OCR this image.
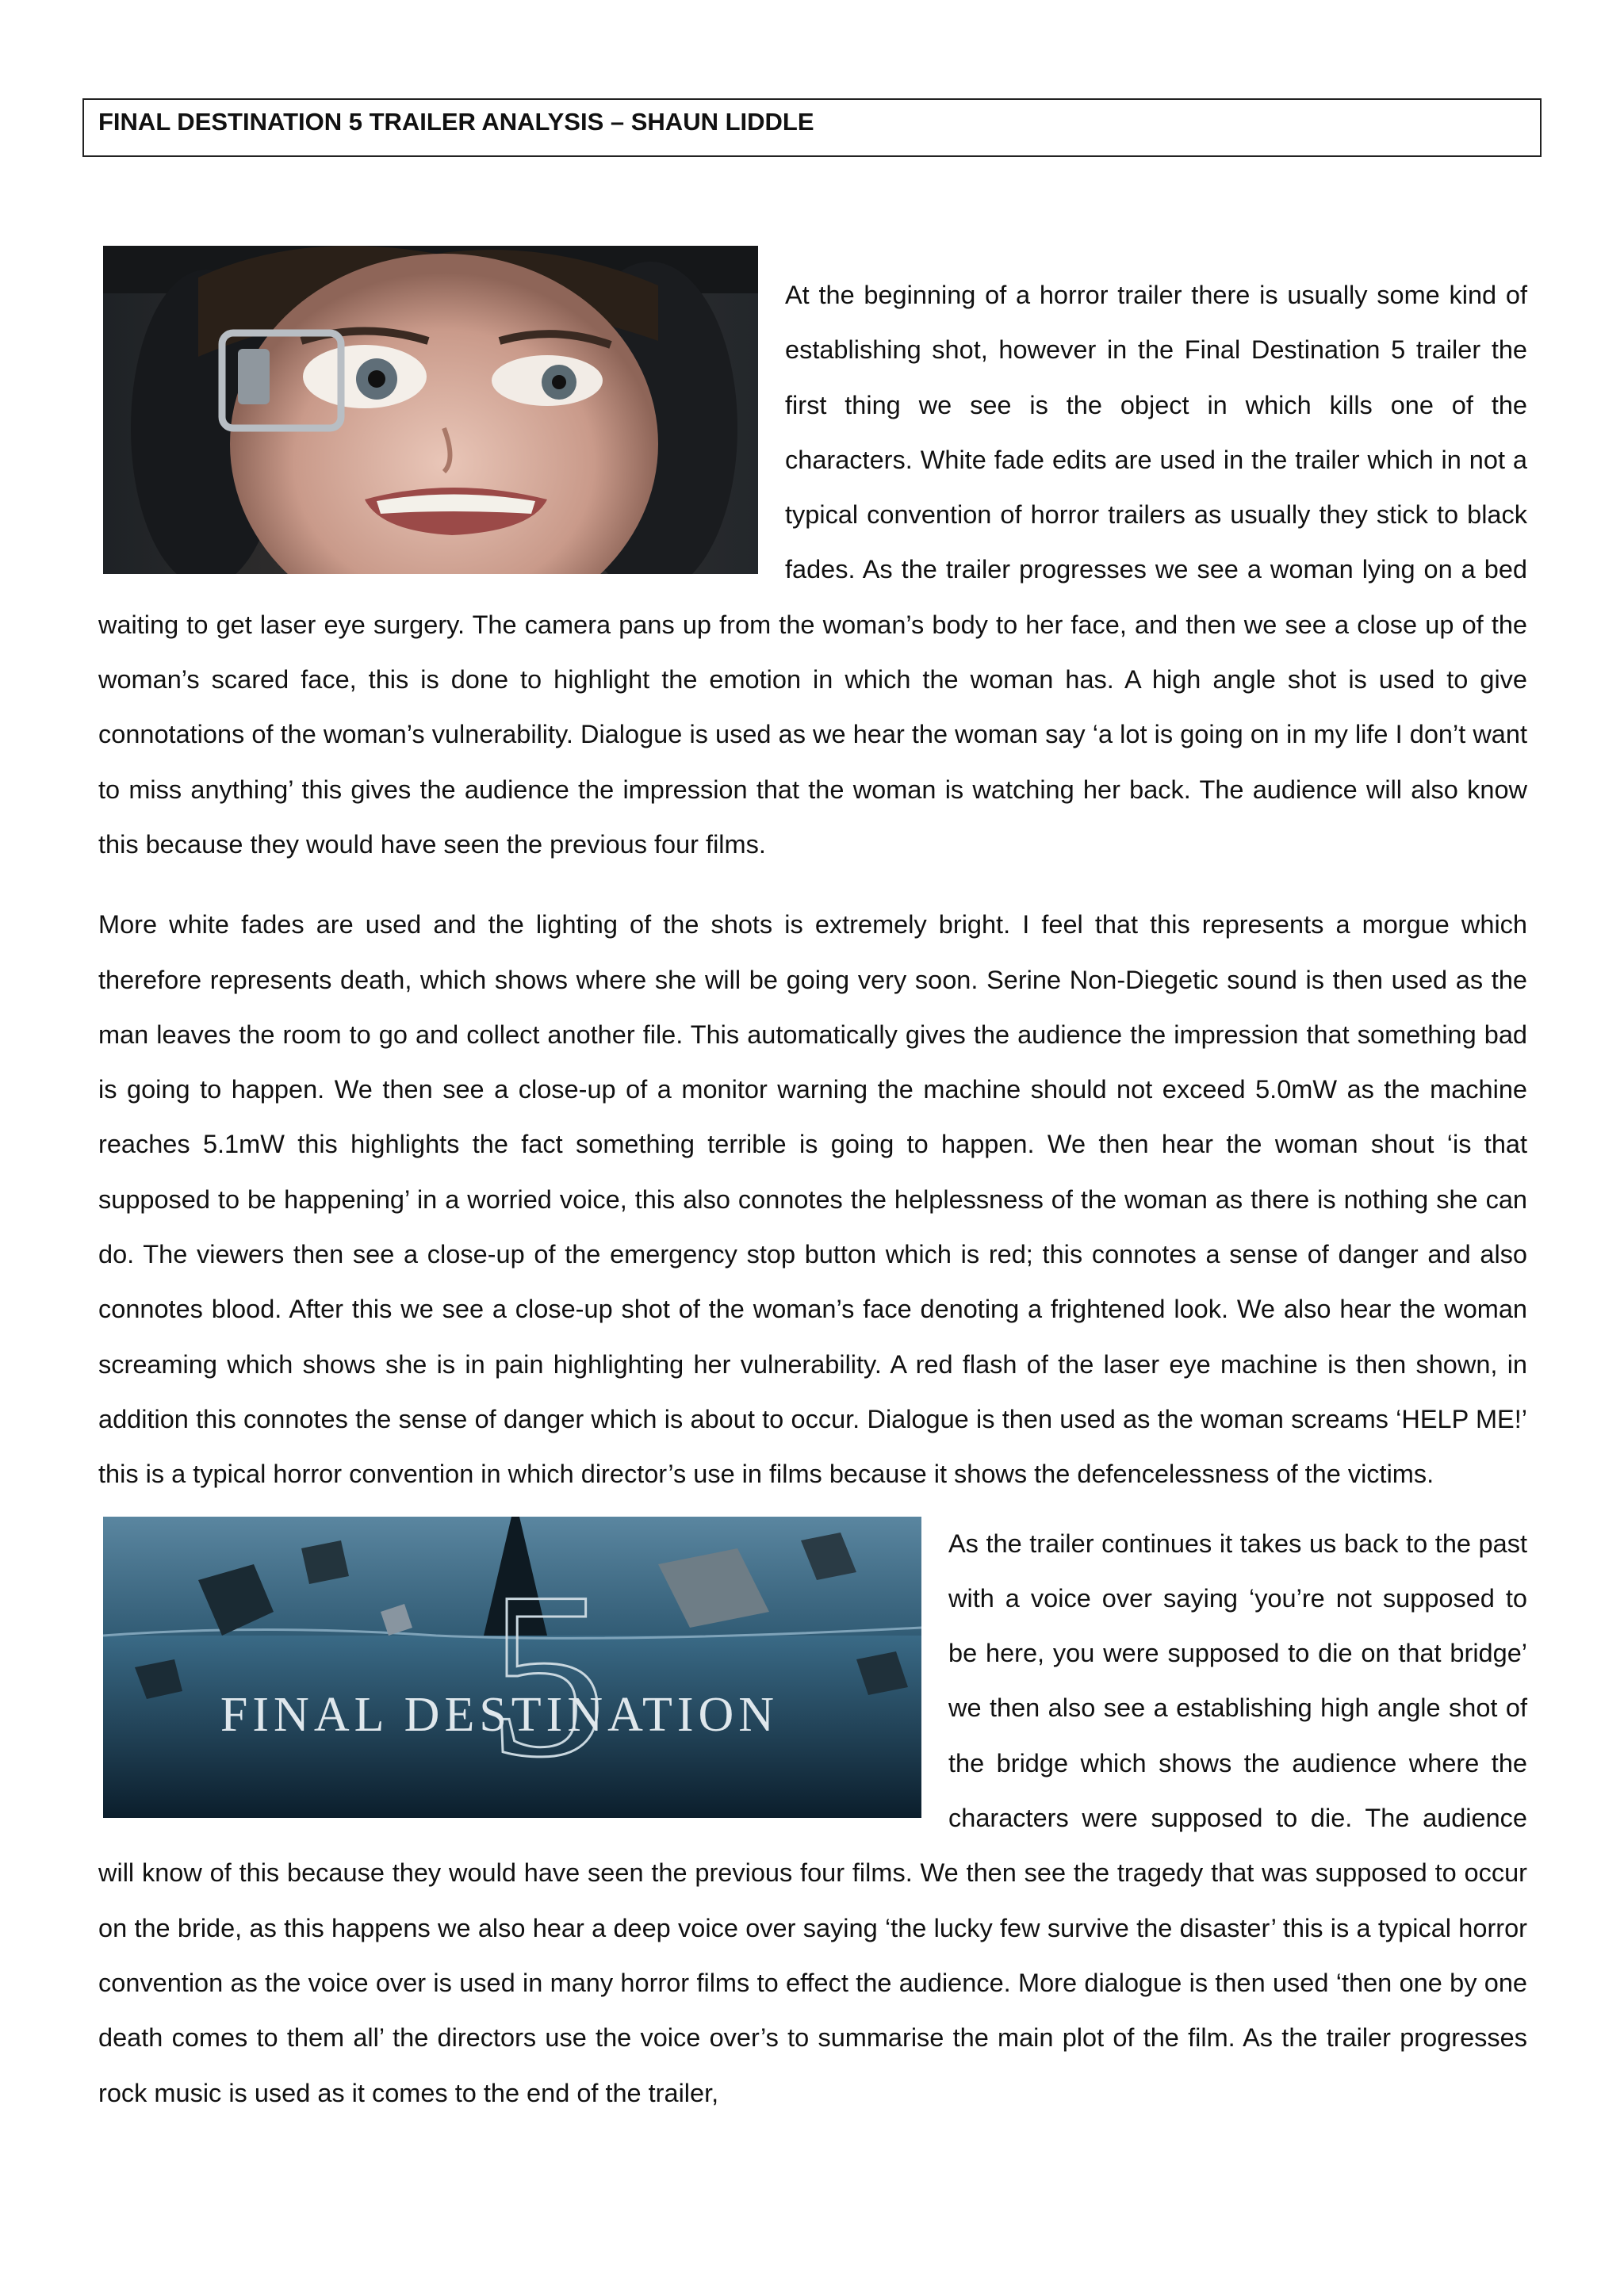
FINAL DESTINATION 5 TRAILER ANALYSIS – SHAUN LIDDLE

At the beginning of a horror trailer there is usually some kind of establishing shot, however in the Final Destination 5 trailer the first thing we see is the object in which kills one of the characters. White fade edits are used in the trailer which in not a typical convention of horror trailers as usually they stick to black fades. As the trailer progresses we see a woman lying on a bed waiting to get laser eye surgery. The camera pans up from the woman’s body to her face, and then we see a close up of the woman’s scared face, this is done to highlight the emotion in which the woman has. A high angle shot is used to give connotations of the woman’s vulnerability. Dialogue is used as we hear the woman say ‘a lot is going on in my life I don’t want to miss anything’ this gives the audience the impression that the woman is watching her back. The audience will also know this because they would have seen the previous four films.

More white fades are used and the lighting of the shots is extremely bright. I feel that this represents a morgue which therefore represents death, which shows where she will be going very soon. Serine Non-Diegetic sound is then used as the man leaves the room to go and collect another file. This automatically gives the audience the impression that something bad is going to happen. We then see a close-up of a monitor warning the machine should not exceed 5.0mW as the machine reaches 5.1mW this highlights the fact something terrible is going to happen. We then hear the woman shout ‘is that supposed to be happening’ in a worried voice, this also connotes the helplessness of the woman as there is nothing she can do. The viewers then see a close-up of the emergency stop button which is red; this connotes a sense of danger and also connotes blood. After this we see a close-up shot of the woman’s face denoting a frightened look. We also hear the woman screaming which shows she is in pain highlighting her vulnerability. A red flash of the laser eye machine is then shown, in addition this connotes the sense of danger which is about to occur. Dialogue is then used as the woman screams ‘HELP ME!’ this is a typical horror convention in which director’s use in films because it shows the defencelessness of the victims.

5
FINAL DESTINATION

As the trailer continues it takes us back to the past with a voice over saying ‘you’re not supposed to be here, you were supposed to die on that bridge’ we then also see a establishing high angle shot of the bridge which shows the audience where the characters were supposed to die. The audience will know of this because they would have seen the previous four films. We then see the tragedy that was supposed to occur on the bride, as this happens we also hear a deep voice over saying ‘the lucky few survive the disaster’ this is a typical horror convention as the voice over is used in many horror films to effect the audience. More dialogue is then used ‘then one by one death comes to them all’ the directors use the voice over’s to summarise the main plot of the film. As the trailer progresses rock music is used as it comes to the end of the trailer,
